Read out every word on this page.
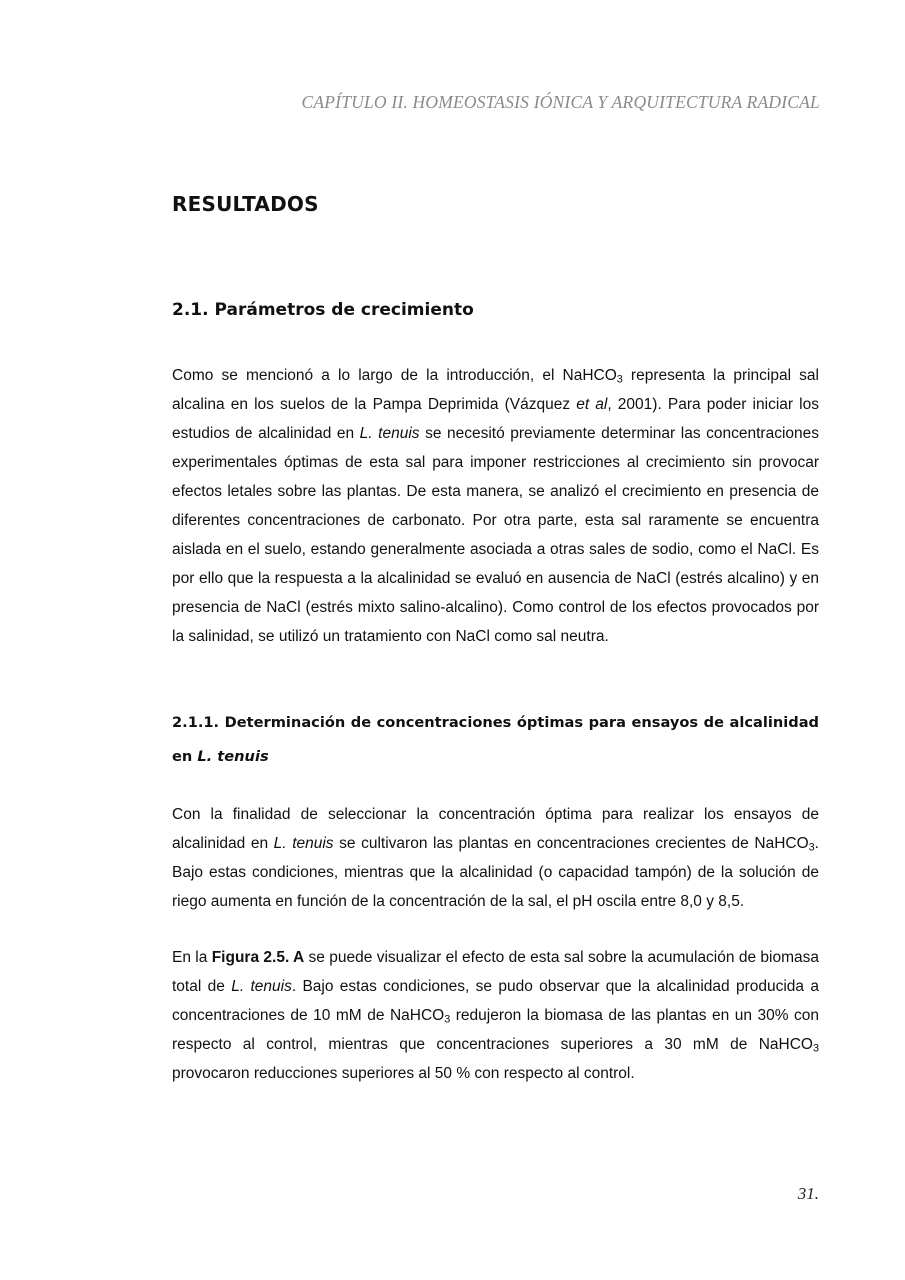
CAPÍTULO II. HOMEOSTASIS IÓNICA Y ARQUITECTURA RADICAL
RESULTADOS
2.1. Parámetros de crecimiento

Como se mencionó a lo largo de la introducción, el NaHCO$_3$ representa la principal sal alcalina en los suelos de la Pampa Deprimida (Vázquez et al, 2001). Para poder iniciar los estudios de alcalinidad en L. tenuis se necesitó previamente determinar las concentraciones experimentales óptimas de esta sal para imponer restricciones al crecimiento sin provocar efectos letales sobre las plantas. De esta manera, se analizó el crecimiento en presencia de diferentes concentraciones de carbonato. Por otra parte, esta sal raramente se encuentra aislada en el suelo, estando generalmente asociada a otras sales de sodio, como el NaCl. Es por ello que la respuesta a la alcalinidad se evaluó en ausencia de NaCl (estrés alcalino) y en presencia de NaCl (estrés mixto salino-alcalino). Como control de los efectos provocados por la salinidad, se utilizó un tratamiento con NaCl como sal neutra.

2.1.1. Determinación de concentraciones óptimas para ensayos de alcalinidad en L. tenuis

Con la finalidad de seleccionar la concentración óptima para realizar los ensayos de alcalinidad en L. tenuis se cultivaron las plantas en concentraciones crecientes de NaHCO$_3$. Bajo estas condiciones, mientras que la alcalinidad (o capacidad tampón) de la solución de riego aumenta en función de la concentración de la sal, el pH oscila entre 8,0 y 8,5.

En la Figura 2.5. A se puede visualizar el efecto de esta sal sobre la acumulación de biomasa total de L. tenuis. Bajo estas condiciones, se pudo observar que la alcalinidad producida a concentraciones de 10 mM de NaHCO$_3$ redujeron la biomasa de las plantas en un 30% con respecto al control, mientras que concentraciones superiores a 30 mM de NaHCO$_3$ provocaron reducciones superiores al 50 % con respecto al control.

31.
